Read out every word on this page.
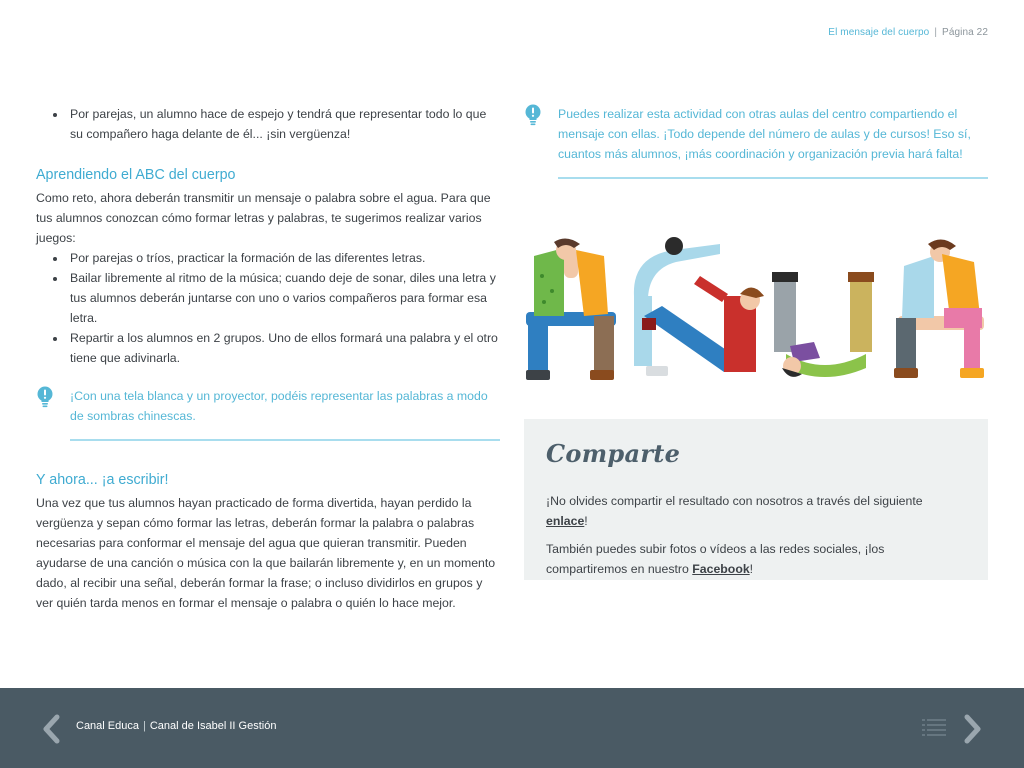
El mensaje del cuerpo | Página 22
Por parejas, un alumno hace de espejo y tendrá que representar todo lo que su compañero haga delante de él... ¡sin vergüenza!
Aprendiendo el ABC del cuerpo

Como reto, ahora deberán transmitir un mensaje o palabra sobre el agua. Para que tus alumnos conozcan cómo formar letras y palabras, te sugerimos realizar varios juegos:

Por parejas o tríos, practicar la formación de las diferentes letras.
Bailar libremente al ritmo de la música; cuando deje de sonar, diles una letra y tus alumnos deberán juntarse con uno o varios compañeros para formar esa letra.
Repartir a los alumnos en 2 grupos. Uno de ellos formará una palabra y el otro tiene que adivinarla.
¡Con una tela blanca y un proyector, podéis representar las palabras a modo de sombras chinescas.
Y ahora... ¡a escribir!

Una vez que tus alumnos hayan practicado de forma divertida, hayan perdido la vergüenza y sepan cómo formar las letras, deberán formar la palabra o palabras necesarias para conformar el mensaje del agua que quieran transmitir. Pueden ayudarse de una canción o música con la que bailarán libremente y, en un momento dado, al recibir una señal, deberán formar la frase; o incluso dividirlos en grupos y ver quién tarda menos en formar el mensaje o palabra o quién lo hace mejor.

Puedes realizar esta actividad con otras aulas del centro compartiendo el mensaje con ellas. ¡Todo depende del número de aulas y de cursos! Eso sí, cuantos más alumnos, ¡más coordinación y organización previa hará falta!
Comparte

¡No olvides compartir el resultado con nosotros a través del siguiente enlace!

También puedes subir fotos o vídeos a las redes sociales, ¡los compartiremos en nuestro Facebook!

Canal Educa | Canal de Isabel II Gestión
